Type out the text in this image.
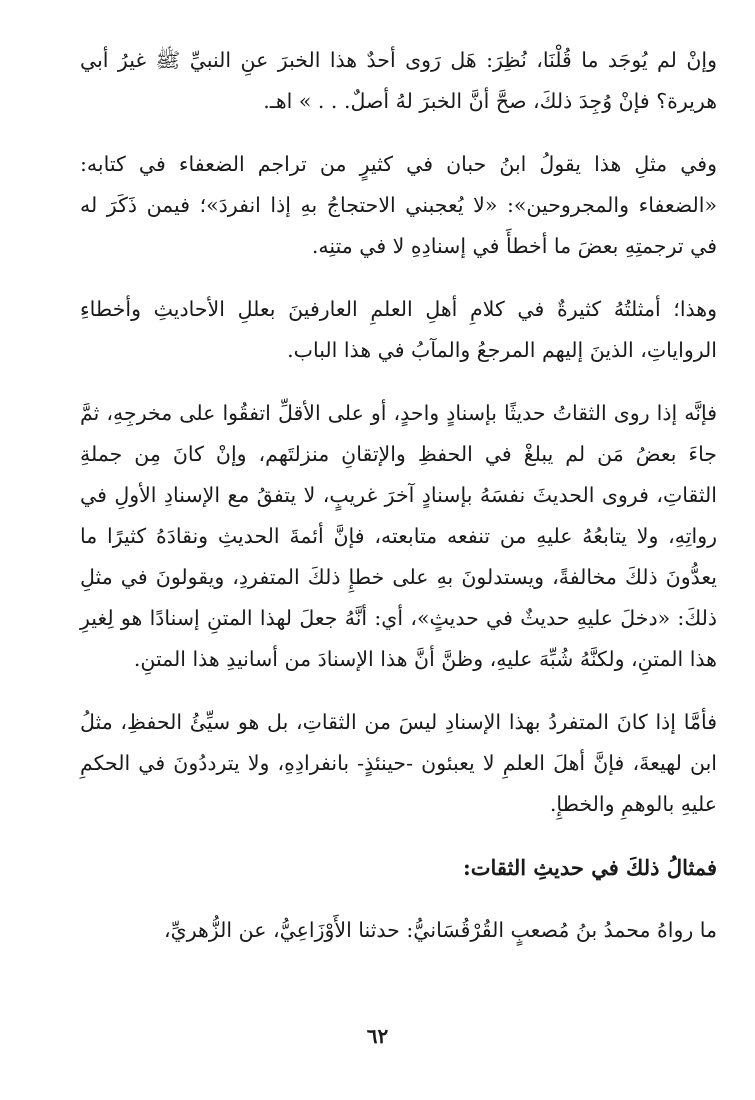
وإنْ لم يُوجَد ما قُلْنَا، نُظِرَ: هَل رَوى أحدٌ هذا الخبرَ عنِ النبيِّ ﷺ غيرُ أبي هريرة؟ فإنْ وُجِدَ ذلكَ، صحَّ أنَّ الخبرَ لهُ أصلٌ. . . » اهـ.

وفي مثلِ هذا يقولُ ابنُ حبان في كثيرٍ من تراجم الضعفاء في كتابه: «الضعفاء والمجروحين»: «لا يُعجبني الاحتجاجُ بهِ إذا انفردَ»؛ فيمن ذَكَرَ له في ترجمتِهِ بعضَ ما أخطأَ في إسنادِهِ لا في متنِه.

وهذا؛ أمثلتُهُ كثيرةٌ في كلامِ أهلِ العلمِ العارفينَ بعللِ الأحاديثِ وأخطاءِ الرواياتِ، الذينَ إليهم المرجعُ والمآبُ في هذا الباب.

فإنَّه إذا روى الثقاتُ حديثًا بإسنادٍ واحدٍ، أو على الأقلِّ اتفقُوا على مخرجِهِ، ثمَّ جاءَ بعضُ مَن لم يبلغْ في الحفظِ والإتقانِ منزلتَهم، وإنْ كانَ مِن جملةِ الثقاتِ، فروى الحديثَ نفسَهُ بإسنادٍ آخرَ غريبٍ، لا يتفقُ مع الإسنادِ الأولِ في رواتِهِ، ولا يتابعُهُ عليهِ من تنفعه متابعته، فإنَّ أئمةَ الحديثِ ونقادَهُ كثيرًا ما يعدُّونَ ذلكَ مخالفةً، ويستدلونَ بهِ على خطإِ ذلكَ المتفردِ، ويقولونَ في مثلِ ذلكَ: «دخلَ عليهِ حديثٌ في حديثٍ»، أي: أنَّهُ جعلَ لهذا المتنِ إسنادًا هو لِغيرِ هذا المتنِ، ولكنَّهُ شُبِّهَ عليهِ، وظنَّ أنَّ هذا الإسنادَ من أسانيدِ هذا المتنِ.

فأمَّا إذا كانَ المتفردُ بهذا الإسنادِ ليسَ من الثقاتِ، بل هو سيِّئُ الحفظِ، مثلُ ابن لهيعةَ، فإنَّ أهلَ العلمِ لا يعبئون -حينئذٍ- بانفرادِهِ، ولا يترددُونَ في الحكمِ عليهِ بالوهمِ والخطإِ.

فمثالُ ذلكَ في حديثِ الثقات:

ما رواهُ محمدُ بنُ مُصعبٍ القُرْقُسَانيُّ: حدثنا الأَوْزَاعِيُّ، عن الزُّهريِّ،

٦٢
